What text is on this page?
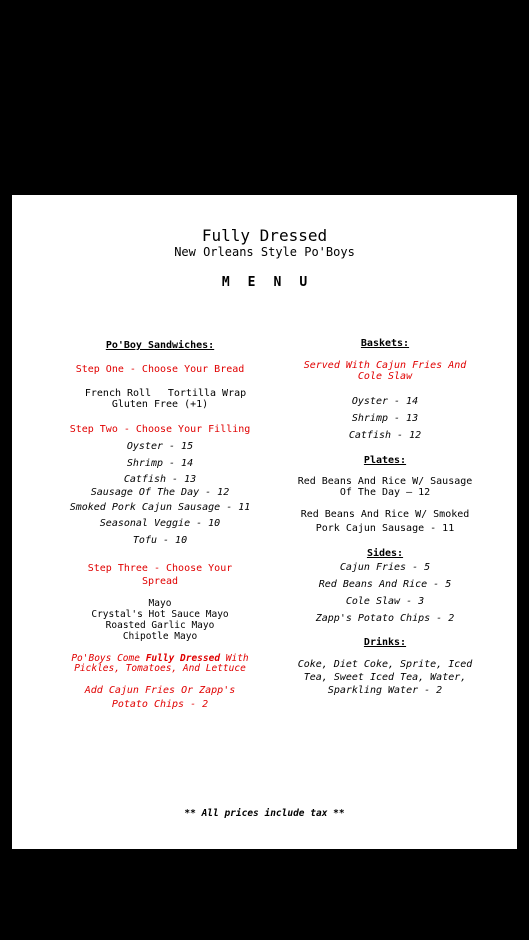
Fully Dressed
New Orleans Style Po'Boys
MENU
Po'Boy Sandwiches:
Step One - Choose Your Bread
French Roll	Tortilla Wrap
Gluten Free (+1)
Step Two - Choose Your Filling
Oyster - 15
Shrimp - 14
Catfish - 13
Sausage Of The Day - 12
Smoked Pork Cajun Sausage - 11
Seasonal Veggie - 10
Tofu - 10
Step Three - Choose Your
Spread
Mayo
Crystal's Hot Sauce Mayo
Roasted Garlic Mayo
Chipotle Mayo
Po'Boys Come Fully Dressed With
Pickles, Tomatoes, And Lettuce
Add Cajun Fries Or Zapp's
Potato Chips - 2
Baskets:
Served With Cajun Fries And
Cole Slaw
Oyster - 14
Shrimp - 13
Catfish - 12
Plates:
Red Beans And Rice W/ Sausage
Of The Day — 12
Red Beans And Rice W/ Smoked
Pork Cajun Sausage - 11
Sides:
Cajun Fries - 5
Red Beans And Rice - 5
Cole Slaw - 3
Zapp's Potato Chips - 2
Drinks:
Coke, Diet Coke, Sprite, Iced
Tea, Sweet Iced Tea, Water,
Sparkling Water - 2
** All prices include tax **
